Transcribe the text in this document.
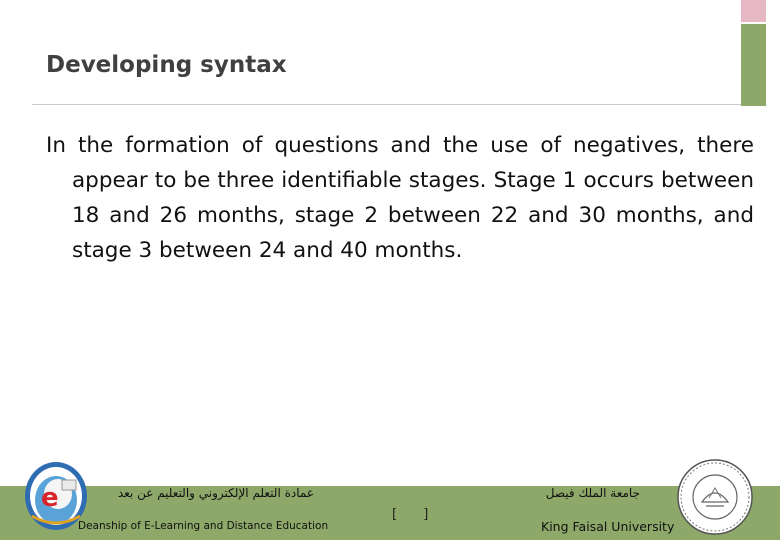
Developing syntax
In the formation of questions and the use of negatives, there appear to be three identifiable stages. Stage 1 occurs between 18 and 26 months, stage 2 between 22 and 30 months, and stage 3 between 24 and 40 months.
e	عمادة التعلم الإلكتروني والتعليم عن بعد
Deanship of E-Learning and Distance Education
[ ]
جامعة الملك فيصل
King Faisal University
